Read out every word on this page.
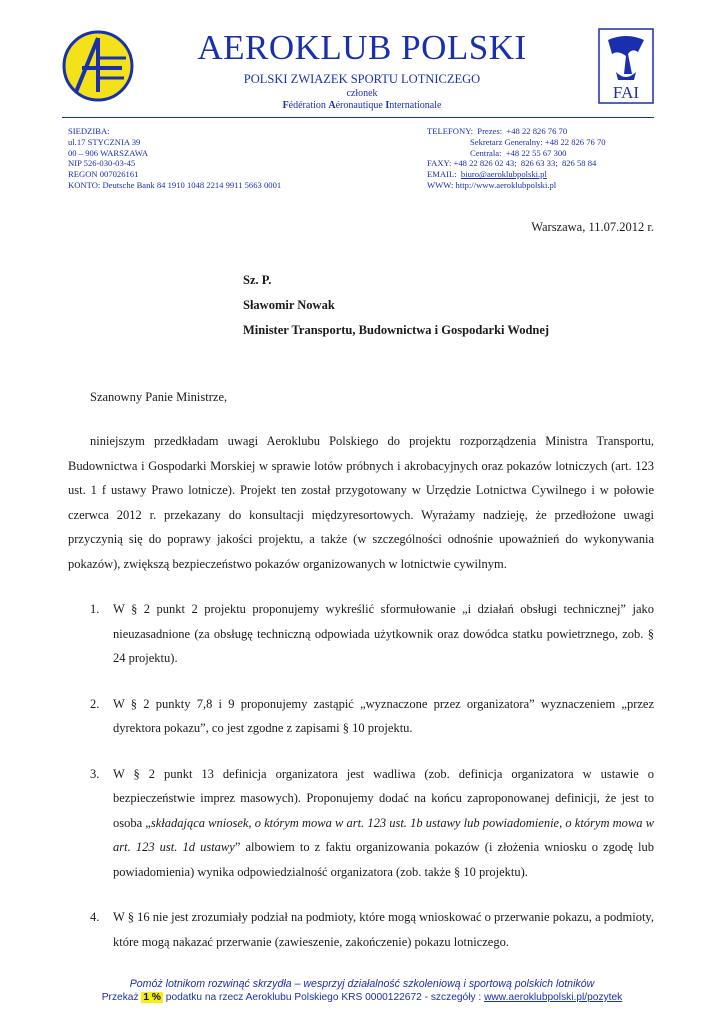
FAI
AEROKLUB POLSKI
POLSKI ZWIAZEK SPORTU LOTNICZEGO
członek
Fédération Aéronautique Internationale
SIEDZIBA:
ul.17 STYCZNIA 39
00 – 906 WARSZAWA
NIP 526-030-03-45
REGON 007026161
KONTO: Deutsche Bank 84 1910 1048 2214 9911 5663 0001
TELEFONY:  Prezes:  +48 22 826 76 70
Sekretarz Generalny: +48 22 826 76 70
Centrala:  +48 22 55 67 300
FAXY: +48 22 826 02 43;  826 63 33;  826 58 84
EMAIL:  biuro@aeroklubpolski.pl
WWW: http://www.aeroklubpolski.pl
Warszawa, 11.07.2012 r.
Sz. P.
Sławomir Nowak
Minister Transportu, Budownictwa i Gospodarki Wodnej
Szanowny Panie Ministrze,
niniejszym przedkładam uwagi Aeroklubu Polskiego do projektu rozporządzenia Ministra Transportu, Budownictwa i Gospodarki Morskiej w sprawie lotów próbnych i akrobacyjnych oraz pokazów lotniczych (art. 123 ust. 1 f ustawy Prawo lotnicze). Projekt ten został przygotowany w Urzędzie Lotnictwa Cywilnego i w połowie czerwca 2012 r. przekazany do konsultacji międzyresortowych. Wyrażamy nadzieję, że przedłożone uwagi przyczynią się do poprawy jakości projektu, a także (w szczególności odnośnie upoważnień do wykonywania pokazów), zwiększą bezpieczeństwo pokazów organizowanych w lotnictwie cywilnym.
1. W § 2 punkt 2 projektu proponujemy wykreślić sformułowanie „i działań obsługi technicznej” jako nieuzasadnione (za obsługę techniczną odpowiada użytkownik oraz dowódca statku powietrznego, zob. § 24 projektu).
2. W § 2 punkty 7,8 i 9 proponujemy zastąpić „wyznaczone przez organizatora” wyznaczeniem „przez dyrektora pokazu”, co jest zgodne z zapisami § 10 projektu.
3. W § 2 punkt 13 definicja organizatora jest wadliwa (zob. definicja organizatora w ustawie o bezpieczeństwie imprez masowych). Proponujemy dodać na końcu zaproponowanej definicji, że jest to osoba „składająca wniosek, o którym mowa w art. 123 ust. 1b ustawy lub powiadomienie, o którym mowa w art. 123 ust. 1d ustawy” albowiem to z faktu organizowania pokazów (i złożenia wniosku o zgodę lub powiadomienia) wynika odpowiedzialność organizatora (zob. także § 10 projektu).
4. W § 16 nie jest zrozumiały podział na podmioty, które mogą wnioskować o przerwanie pokazu, a podmioty, które mogą nakazać przerwanie (zawieszenie, zakończenie) pokazu lotniczego.
Pomóż lotnikom rozwinąć skrzydła – wesprzyj działalność szkoleniową i sportową polskich lotników
Przekaż 1 % podatku na rzecz Aeroklubu Polskiego KRS 0000122672 - szczegóły : www.aeroklubpolski.pl/pozytek
